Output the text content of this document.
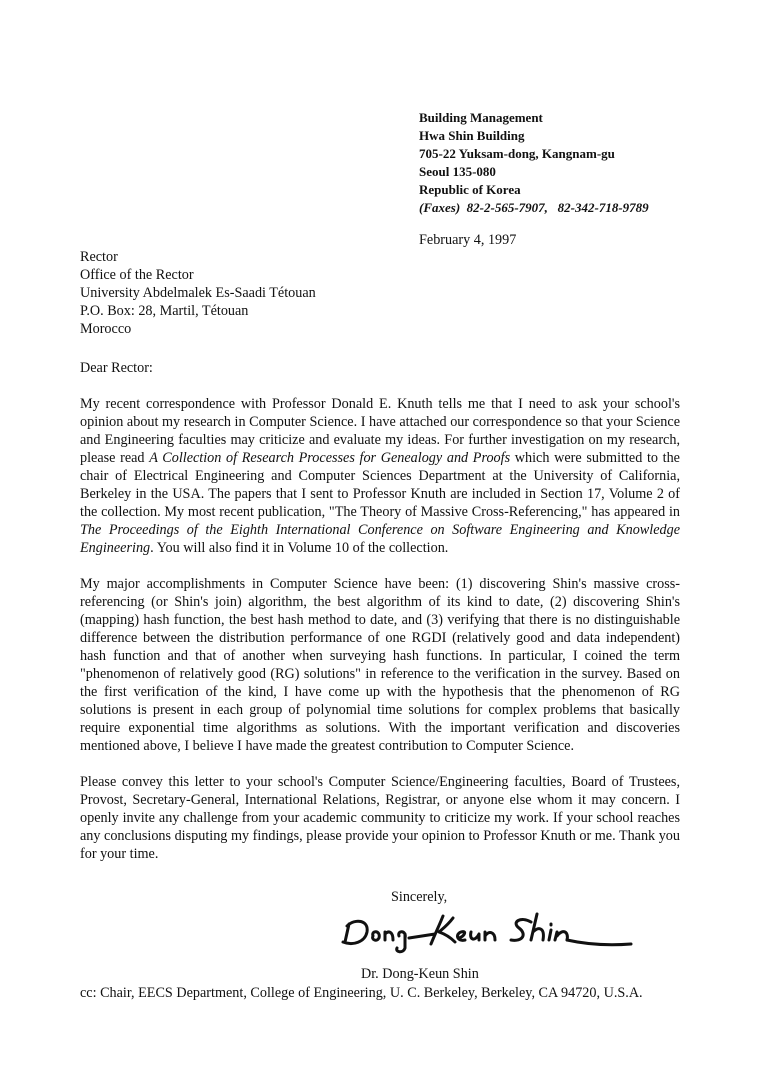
Building Management
Hwa Shin Building
705-22 Yuksam-dong, Kangnam-gu
Seoul 135-080
Republic of Korea
(Faxes) 82-2-565-7907,   82-342-718-9789
February 4, 1997
Rector
Office of the Rector
University Abdelmalek Es-Saadi Tétouan
P.O. Box: 28, Martil, Tétouan
Morocco
Dear Rector:

My recent correspondence with Professor Donald E. Knuth tells me that I need to ask your school's opinion about my research in Computer Science. I have attached our correspondence so that your Science and Engineering faculties may criticize and evaluate my ideas. For further investigation on my research, please read A Collection of Research Processes for Genealogy and Proofs which were submitted to the chair of Electrical Engineering and Computer Sciences Department at the University of California, Berkeley in the USA. The papers that I sent to Professor Knuth are included in Section 17, Volume 2 of the collection. My most recent publication, "The Theory of Massive Cross-Referencing," has appeared in The Proceedings of the Eighth International Conference on Software Engineering and Knowledge Engineering. You will also find it in Volume 10 of the collection.

My major accomplishments in Computer Science have been: (1) discovering Shin's massive cross-referencing (or Shin's join) algorithm, the best algorithm of its kind to date, (2) discovering Shin's (mapping) hash function, the best hash method to date, and (3) verifying that there is no distinguishable difference between the distribution performance of one RGDI (relatively good and data independent) hash function and that of another when surveying hash functions. In particular, I coined the term "phenomenon of relatively good (RG) solutions" in reference to the verification in the survey. Based on the first verification of the kind, I have come up with the hypothesis that the phenomenon of RG solutions is present in each group of polynomial time solutions for complex problems that basically require exponential time algorithms as solutions. With the important verification and discoveries mentioned above, I believe I have made the greatest contribution to Computer Science.

Please convey this letter to your school's Computer Science/Engineering faculties, Board of Trustees, Provost, Secretary-General, International Relations, Registrar, or anyone else whom it may concern. I openly invite any challenge from your academic community to criticize my work. If your school reaches any conclusions disputing my findings, please provide your opinion to Professor Knuth or me. Thank you for your time.

Sincerely,
Dr. Dong-Keun Shin
cc: Chair, EECS Department, College of Engineering, U. C. Berkeley, Berkeley, CA 94720, U.S.A.
